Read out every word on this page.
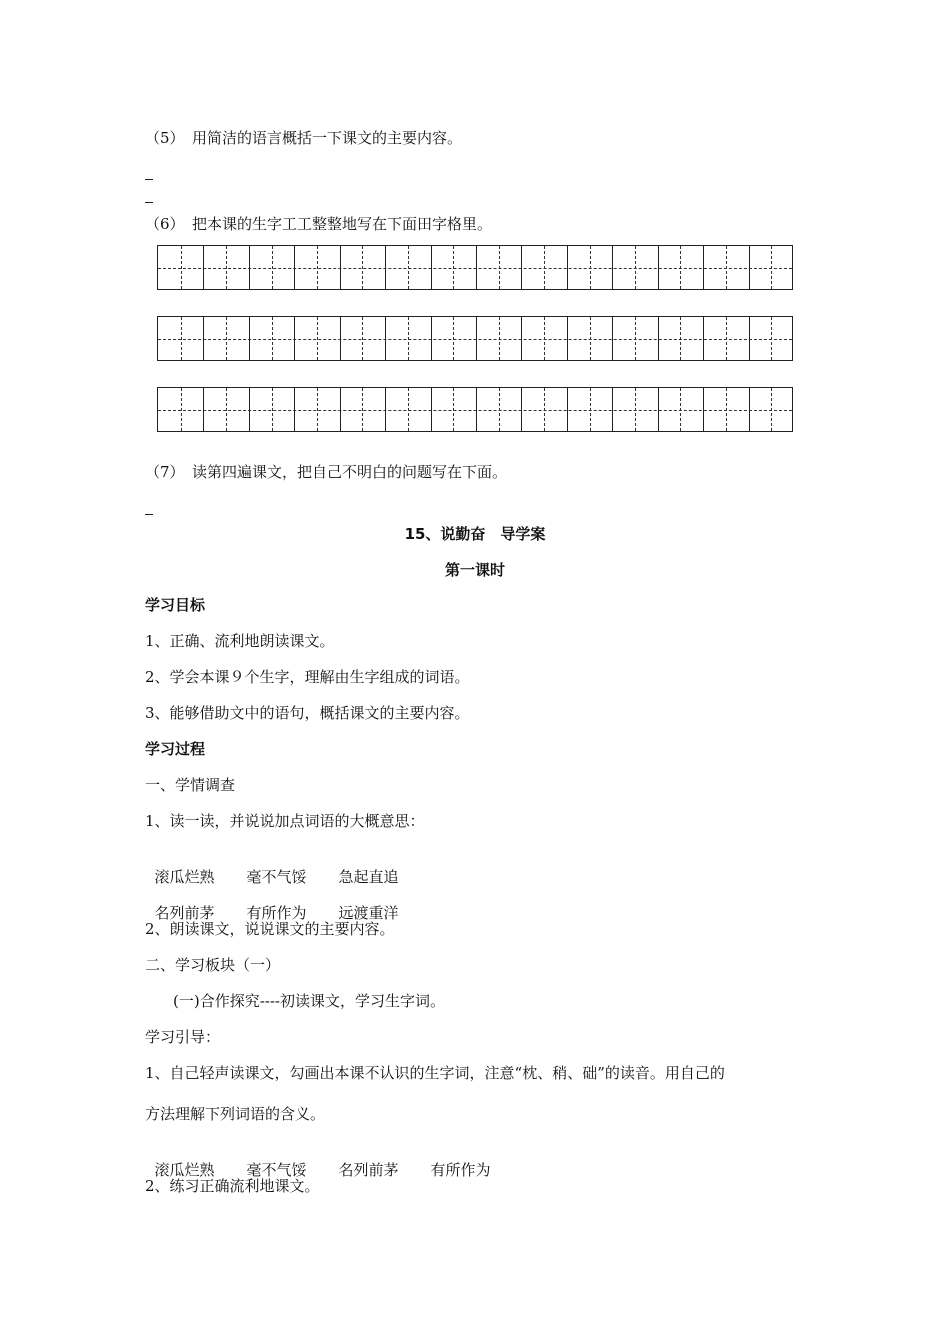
（5）　用简洁的语言概括一下课文的主要内容。
（6）　把本课的生字工工整整地写在下面田字格里。
（7）　读第四遍课文，把自己不明白的问题写在下面。
15、说勤奋　导学案
第一课时
学习目标
1、正确、流利地朗读课文。
2、学会本课９个生字，理解由生字组成的词语。
3、能够借助文中的语句，概括课文的主要内容。
学习过程
一、学情调查
1、读一读，并说说加点词语的大概意思：

滚瓜烂熟 毫不气馁 急起直追

名列前茅 有所作为 远渡重洋

2、朗读课文，说说课文的主要内容。
二、学习板块（一）
(一)合作探究----初读课文，学习生字词。
学习引导：
1、自己轻声读课文，勾画出本课不认识的生字词，注意“枕、稍、础”的读音。用自己的
方法理解下列词语的含义。

滚瓜烂熟 毫不气馁 名列前茅 有所作为

2、练习正确流利地课文。
